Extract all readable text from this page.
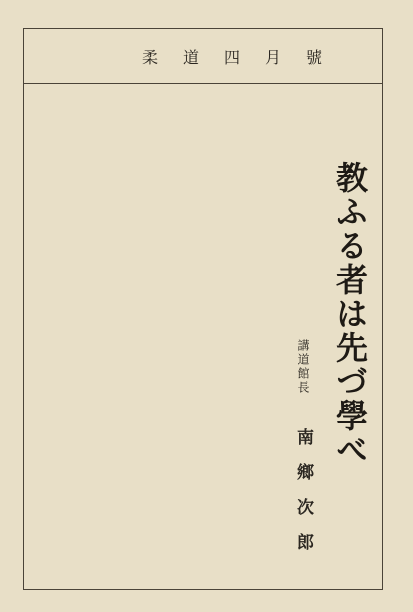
柔道四月號
教ふる者は先づ學べ
講道館長 南鄉次郎
